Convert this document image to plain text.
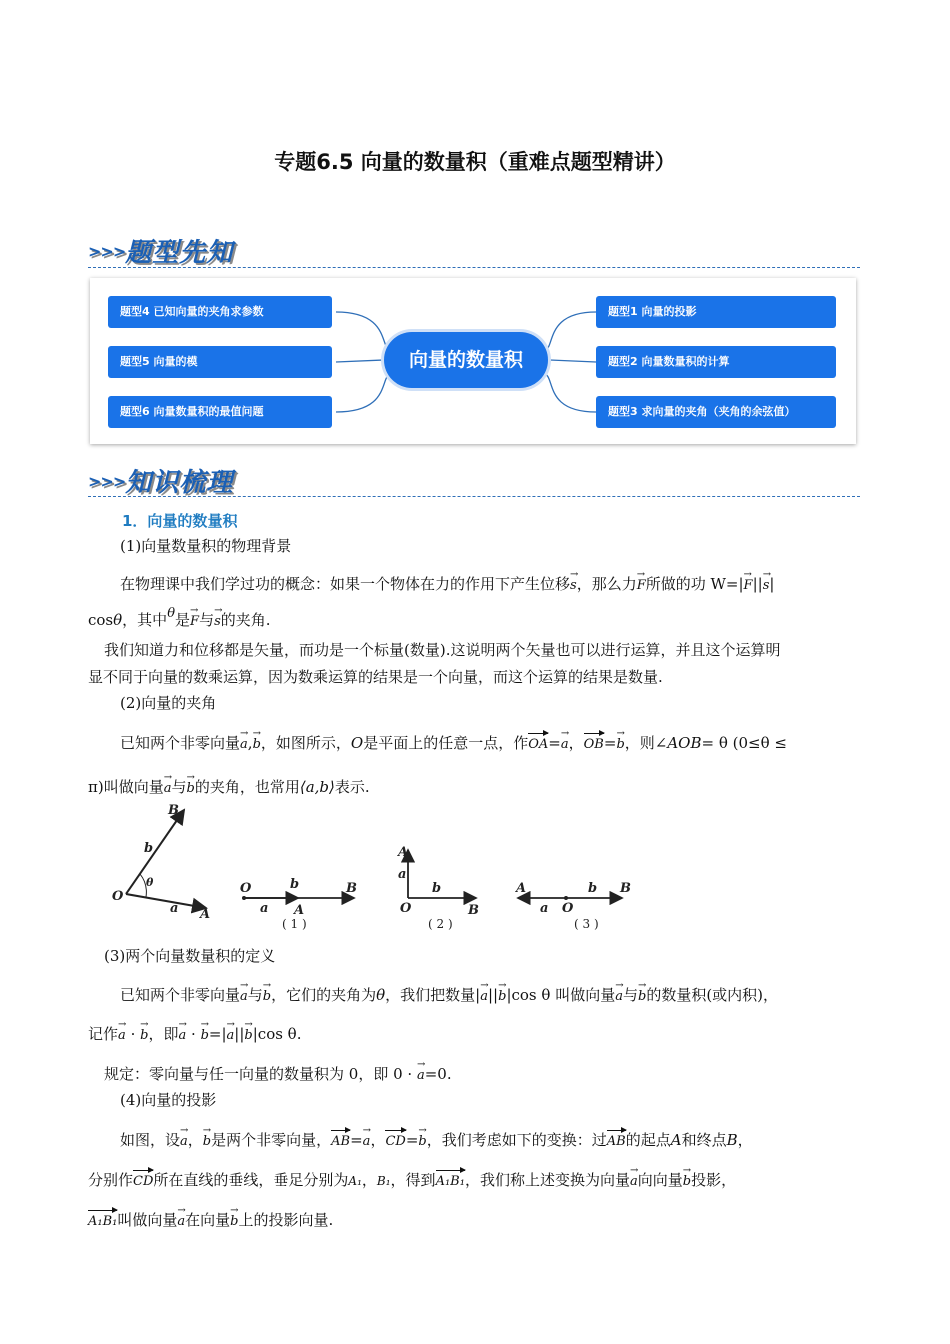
专题6.5 向量的数量积（重难点题型精讲）
>>>题型先知
题型4 已知向量的夹角求参数
题型5 向量的模
题型6 向量数量积的最值问题
向量的数量积
题型1 向量的投影
题型2 向量数量积的计算
题型3 求向量的夹角（夹角的余弦值）
>>>知识梳理
1．向量的数量积
(1)向量数量积的物理背景
在物理课中我们学过功的概念：如果一个物体在力的作用下产生位移→ s，那么力→ F所做的功 W=|→ F||→ s|
cosθ，其中θ是→ F与→ s的夹角.
我们知道力和位移都是矢量，而功是一个标量(数量).这说明两个矢量也可以进行运算，并且这个运算明
显不同于向量的数乘运算，因为数乘运算的结果是一个向量，而这个运算的结果是数量.
(2)向量的夹角
已知两个非零向量→ a,→ b，如图所示，O是平面上的任意一点，作OA=→ a，OB=→ b，则∠AOB= θ (0≤θ ≤
π)叫做向量→ a与→ b的夹角，也常用⟨a,b⟩表示.
O
B
A
b
a
θ	O	b	B
a A
( 1 )
A
a
b
O	B
( 2 )
A
a O
b B
( 3 )
(3)两个向量数量积的定义
已知两个非零向量→ a与→ b，它们的夹角为θ，我们把数量|→ a||→ b|cos θ 叫做向量→ a与→ b的数量积(或内积)，
记作→ a · → b，即→ a · → b=|→ a||→ b|cos θ.
规定：零向量与任一向量的数量积为 0，即 0 · → a=0.
(4)向量的投影
如图，设→ a，→ b是两个非零向量，AB=→ a，CD=→ b，我们考虑如下的变换：过AB的起点A和终点B，
分别作CD所在直线的垂线，垂足分别为A₁，B₁，得到A₁B₁，我们称上述变换为向量→ a向向量→ b投影，
A₁B₁叫做向量→ a在向量→ b上的投影向量.
